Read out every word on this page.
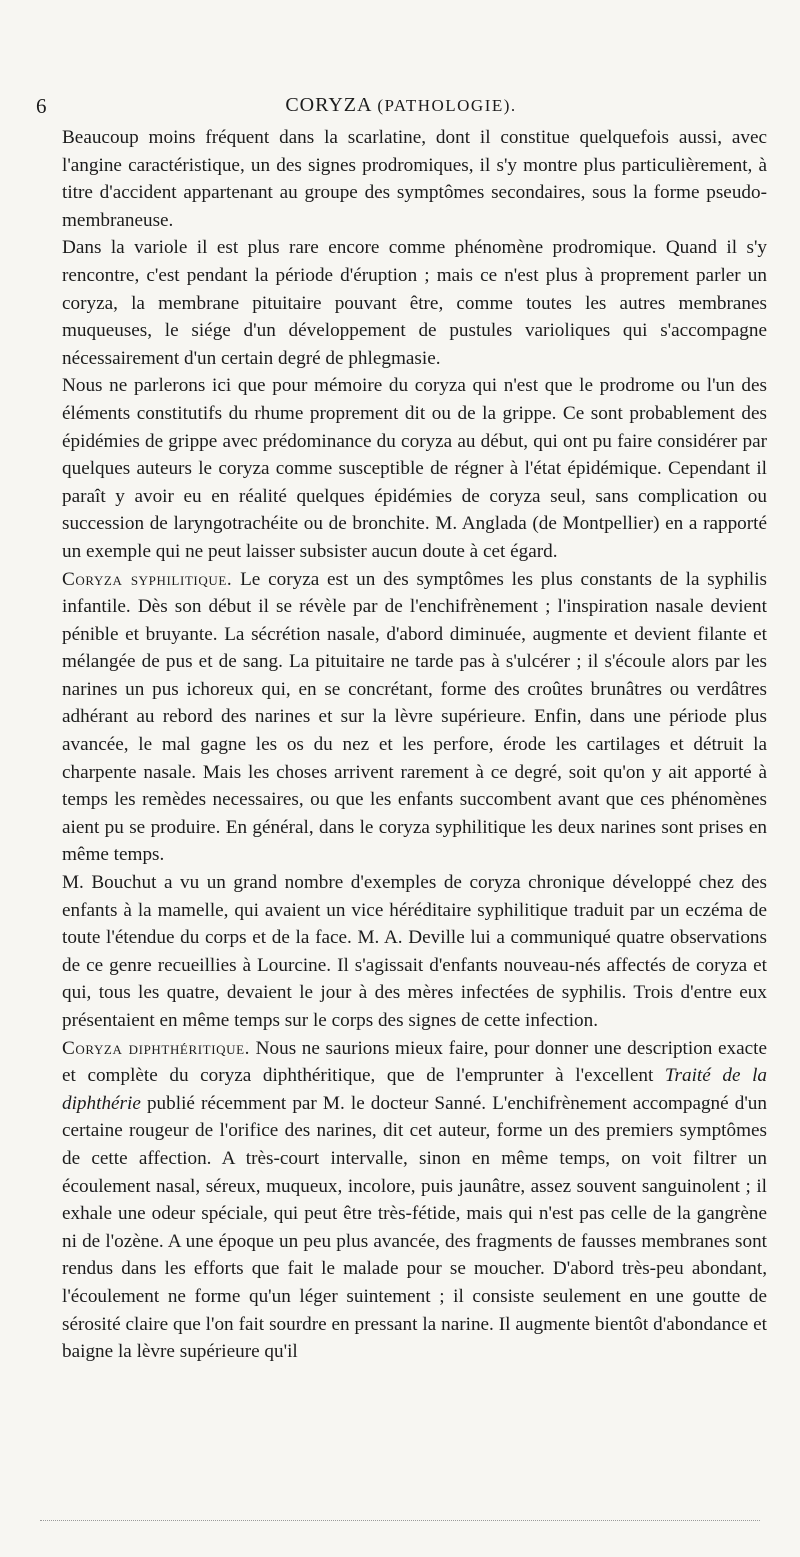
6	CORYZA (PATHOLOGIE).

Beaucoup moins fréquent dans la scarlatine, dont il constitue quelquefois aussi, avec l'angine caractéristique, un des signes prodromiques, il s'y montre plus particulièrement, à titre d'accident appartenant au groupe des symptômes secondaires, sous la forme pseudo-membraneuse.

Dans la variole il est plus rare encore comme phénomène prodromique. Quand il s'y rencontre, c'est pendant la période d'éruption ; mais ce n'est plus à proprement parler un coryza, la membrane pituitaire pouvant être, comme toutes les autres membranes muqueuses, le siége d'un développement de pustules varioliques qui s'accompagne nécessairement d'un certain degré de phlegmasie.

Nous ne parlerons ici que pour mémoire du coryza qui n'est que le prodrome ou l'un des éléments constitutifs du rhume proprement dit ou de la grippe. Ce sont probablement des épidémies de grippe avec prédominance du coryza au début, qui ont pu faire considérer par quelques auteurs le coryza comme susceptible de régner à l'état épidémique. Cependant il paraît y avoir eu en réalité quelques épidémies de coryza seul, sans complication ou succession de laryngotrachéite ou de bronchite. M. Anglada (de Montpellier) en a rapporté un exemple qui ne peut laisser subsister aucun doute à cet égard.

Coryza syphilitique. Le coryza est un des symptômes les plus constants de la syphilis infantile. Dès son début il se révèle par de l'enchifrènement ; l'inspiration nasale devient pénible et bruyante. La sécrétion nasale, d'abord diminuée, augmente et devient filante et mélangée de pus et de sang. La pituitaire ne tarde pas à s'ulcérer ; il s'écoule alors par les narines un pus ichoreux qui, en se concrétant, forme des croûtes brunâtres ou verdâtres adhérant au rebord des narines et sur la lèvre supérieure. Enfin, dans une période plus avancée, le mal gagne les os du nez et les perfore, érode les cartilages et détruit la charpente nasale. Mais les choses arrivent rarement à ce degré, soit qu'on y ait apporté à temps les remèdes necessaires, ou que les enfants succombent avant que ces phénomènes aient pu se produire. En général, dans le coryza syphilitique les deux narines sont prises en même temps.

M. Bouchut a vu un grand nombre d'exemples de coryza chronique développé chez des enfants à la mamelle, qui avaient un vice héréditaire syphilitique traduit par un eczéma de toute l'étendue du corps et de la face. M. A. Deville lui a communiqué quatre observations de ce genre recueillies à Lourcine. Il s'agissait d'enfants nouveau-nés affectés de coryza et qui, tous les quatre, devaient le jour à des mères infectées de syphilis. Trois d'entre eux présentaient en même temps sur le corps des signes de cette infection.

Coryza diphthéritique. Nous ne saurions mieux faire, pour donner une description exacte et complète du coryza diphthéritique, que de l'emprunter à l'excellent Traité de la diphthérie publié récemment par M. le docteur Sanné. L'enchifrènement accompagné d'un certaine rougeur de l'orifice des narines, dit cet auteur, forme un des premiers symptômes de cette affection. A très-court intervalle, sinon en même temps, on voit filtrer un écoulement nasal, séreux, muqueux, incolore, puis jaunâtre, assez souvent sanguinolent ; il exhale une odeur spéciale, qui peut être très-fétide, mais qui n'est pas celle de la gangrène ni de l'ozène. A une époque un peu plus avancée, des fragments de fausses membranes sont rendus dans les efforts que fait le malade pour se moucher. D'abord très-peu abondant, l'écoulement ne forme qu'un léger suintement ; il consiste seulement en une goutte de sérosité claire que l'on fait sourdre en pressant la narine. Il augmente bientôt d'abondance et baigne la lèvre supérieure qu'il
